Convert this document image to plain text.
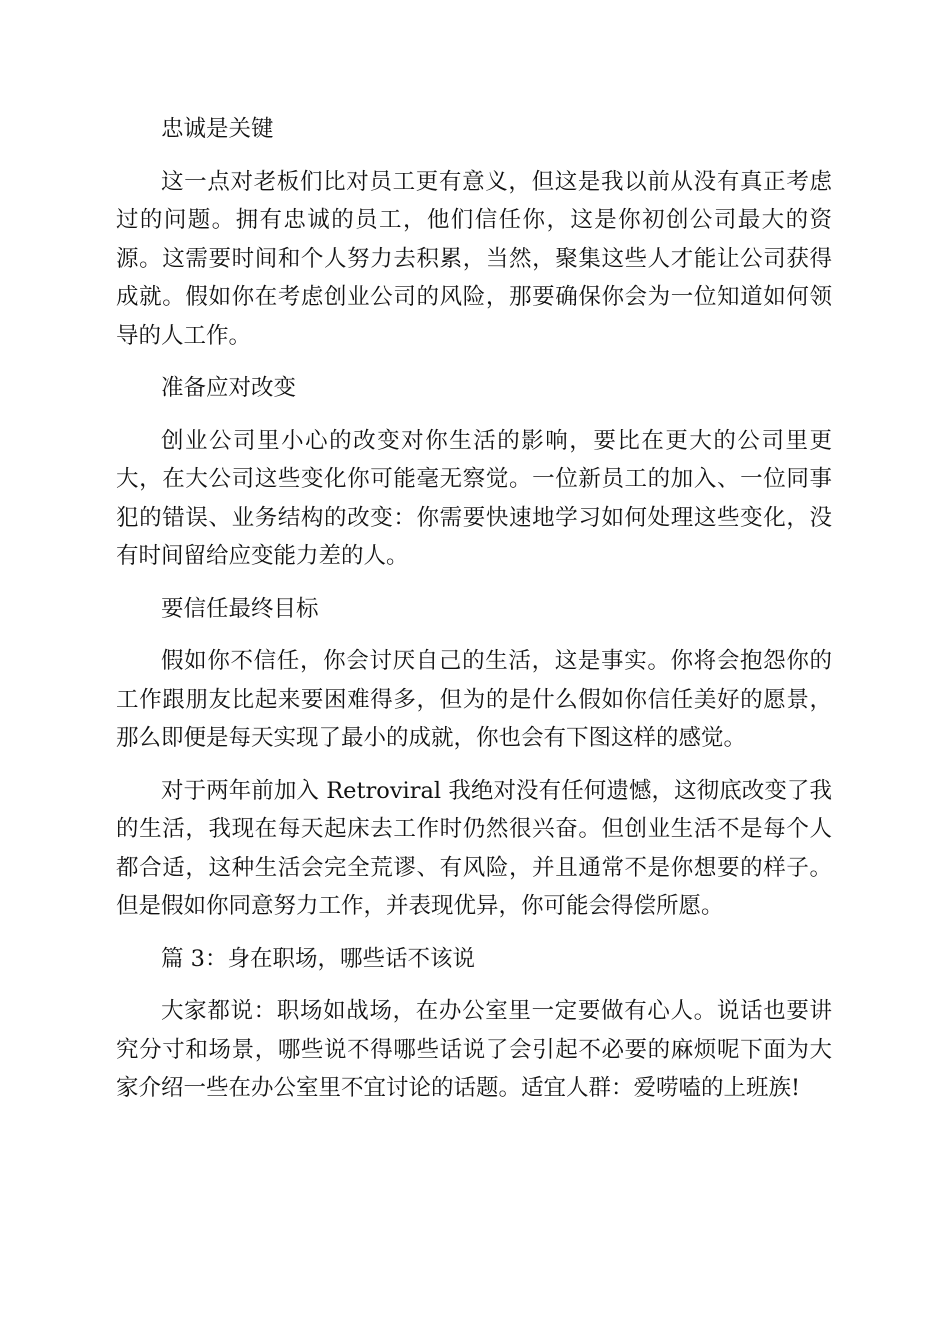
忠诚是关键

这一点对老板们比对员工更有意义，但这是我以前从没有真正考虑过的问题。拥有忠诚的员工，他们信任你，这是你初创公司最大的资源。这需要时间和个人努力去积累，当然，聚集这些人才能让公司获得成就。假如你在考虑创业公司的风险，那要确保你会为一位知道如何领导的人工作。

准备应对改变

创业公司里小心的改变对你生活的影响，要比在更大的公司里更大，在大公司这些变化你可能毫无察觉。一位新员工的加入、一位同事犯的错误、业务结构的改变：你需要快速地学习如何处理这些变化，没有时间留给应变能力差的人。

要信任最终目标

假如你不信任，你会讨厌自己的生活，这是事实。你将会抱怨你的工作跟朋友比起来要困难得多，但为的是什么假如你信任美好的愿景，那么即便是每天实现了最小的成就，你也会有下图这样的感觉。

对于两年前加入 Retroviral 我绝对没有任何遗憾，这彻底改变了我的生活，我现在每天起床去工作时仍然很兴奋。但创业生活不是每个人都合适，这种生活会完全荒谬、有风险，并且通常不是你想要的样子。但是假如你同意努力工作，并表现优异，你可能会得偿所愿。

篇 3：身在职场，哪些话不该说

大家都说：职场如战场，在办公室里一定要做有心人。说话也要讲究分寸和场景，哪些说不得哪些话说了会引起不必要的麻烦呢下面为大家介绍一些在办公室里不宜讨论的话题。适宜人群：爱唠嗑的上班族!
